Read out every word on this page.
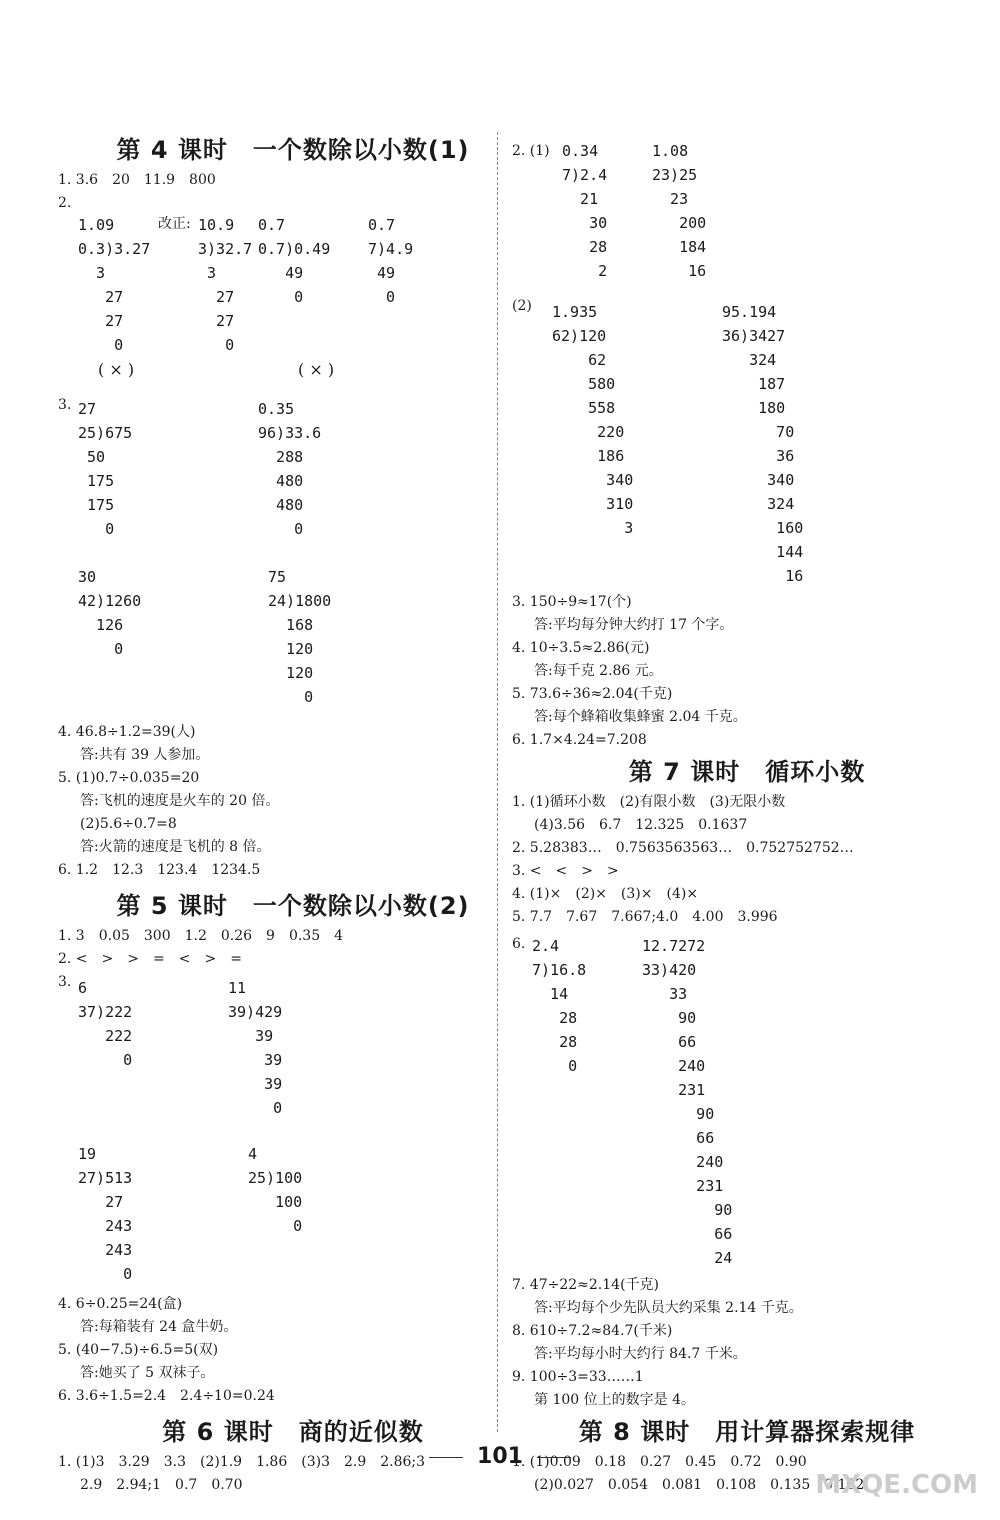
第 4 课时　一个数除以小数(1)
1. 3.6　20　11.9　800
2.
1.09
0.3)3.27
3
27
27
0
改正: 10.9
3)32.7
3
27
27
0
0.7
0.7)0.49
49
0
0.7
7)4.9
49
0
( × )	( × )
3. 27
25)675
50
175
175
0
0.35
96)33.6
288
480
480
0
30
42)1260
126
0
75
24)1800
168
120
120
0
4. 46.8÷1.2=39(人)
答:共有 39 人参加。
5. (1)0.7÷0.035=20
答:飞机的速度是火车的 20 倍。
(2)5.6÷0.7=8
答:火箭的速度是飞机的 8 倍。
6. 1.2　12.3　123.4　1234.5
第 5 课时　一个数除以小数(2)
1. 3　0.05　300　1.2　0.26　9　0.35　4
2. <　>　>　=　<　>　=
3. 6
37)222
222
0
11
39)429
39
39
39
0
19
27)513
27
243
243
0
4
25)100
100
0
4. 6÷0.25=24(盒)
答:每箱装有 24 盒牛奶。
5. (40−7.5)÷6.5=5(双)
答:她买了 5 双袜子。
6. 3.6÷1.5=2.4　2.4÷10=0.24
第 6 课时　商的近似数
1. (1)3　3.29　3.3　(2)1.9　1.86　(3)3　2.9　2.86;3
2.9　2.94;1　0.7　0.70
2. (1) 0.34
7)2.4
21
30
28
2
1.08
23)25
23
200
184
16
(2)	1.935
62)120
62
580
558
220
186
340
310
3
95.194
36)3427
324
187
180
70
36
340
324
160
144
16
3. 150÷9≈17(个)
答:平均每分钟大约打 17 个字。
4. 10÷3.5≈2.86(元)
答:每千克 2.86 元。
5. 73.6÷36≈2.04(千克)
答:每个蜂箱收集蜂蜜 2.04 千克。
6. 1.7×4.24=7.208
第 7 课时　循环小数
1. (1)循环小数　(2)有限小数　(3)无限小数
(4)3.56　6.7　12.325　0.1637
2. 5.28383…　0.7563563563…　0.752752752…
3. <　<　>　>
4. (1)×　(2)×　(3)×　(4)×
5. 7.7　7.67　7.667;4.0　4.00　3.996
6. 2.4
7)16.8
14
28
28
0
12.7272
33)420
33
90
66
240
231
90
66
240
231
90
66
24
7. 47÷22≈2.14(千克)
答:平均每个少先队员大约采集 2.14 千克。
8. 610÷7.2≈84.7(千米)
答:平均每小时大约行 84.7 千米。
9. 100÷3=33……1
第 100 位上的数字是 4。
第 8 课时　用计算器探索规律
1. (1)0.09　0.18　0.27　0.45　0.72　0.90
(2)0.027　0.054　0.081　0.108　0.135　0.162
101
MXQE.COM
